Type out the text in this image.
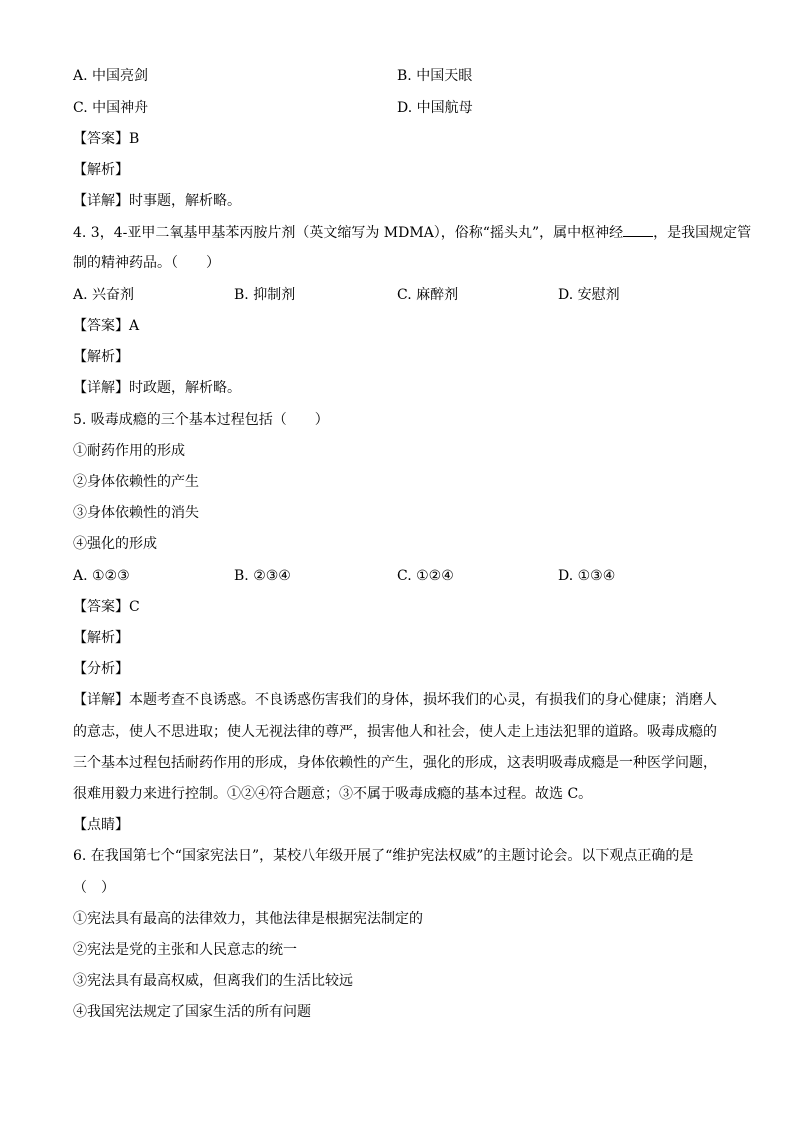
A. 中国亮剑	B. 中国天眼
C. 中国神舟	D. 中国航母
【答案】B
【解析】
【详解】时事题，解析略。
4. 3，4-亚甲二氧基甲基苯丙胺片剂（英文缩写为 MDMA），俗称“摇头丸”，属中枢神经 ，是我国规定管
制的精神药品。（　　）
A. 兴奋剂	B. 抑制剂	C. 麻醉剂	D. 安慰剂
【答案】A
【解析】
【详解】时政题，解析略。
5. 吸毒成瘾的三个基本过程包括（　　）
①耐药作用的形成
②身体依赖性的产生
③身体依赖性的消失
④强化的形成
A. ①②③	B. ②③④	C. ①②④	D. ①③④
【答案】C
【解析】
【分析】
【详解】本题考查不良诱惑。不良诱惑伤害我们的身体，损坏我们的心灵，有损我们的身心健康；消磨人
的意志，使人不思进取；使人无视法律的尊严，损害他人和社会，使人走上违法犯罪的道路。吸毒成瘾的
三个基本过程包括耐药作用的形成，身体依赖性的产生，强化的形成，这表明吸毒成瘾是一种医学问题，
很难用毅力来进行控制。①②④符合题意；③不属于吸毒成瘾的基本过程。故选 C。
【点睛】
6. 在我国第七个“国家宪法日”，某校八年级开展了“维护宪法权威”的主题讨论会。以下观点正确的是
（　）
①宪法具有最高的法律效力，其他法律是根据宪法制定的
②宪法是党的主张和人民意志的统一
③宪法具有最高权威，但离我们的生活比较远
④我国宪法规定了国家生活的所有问题
